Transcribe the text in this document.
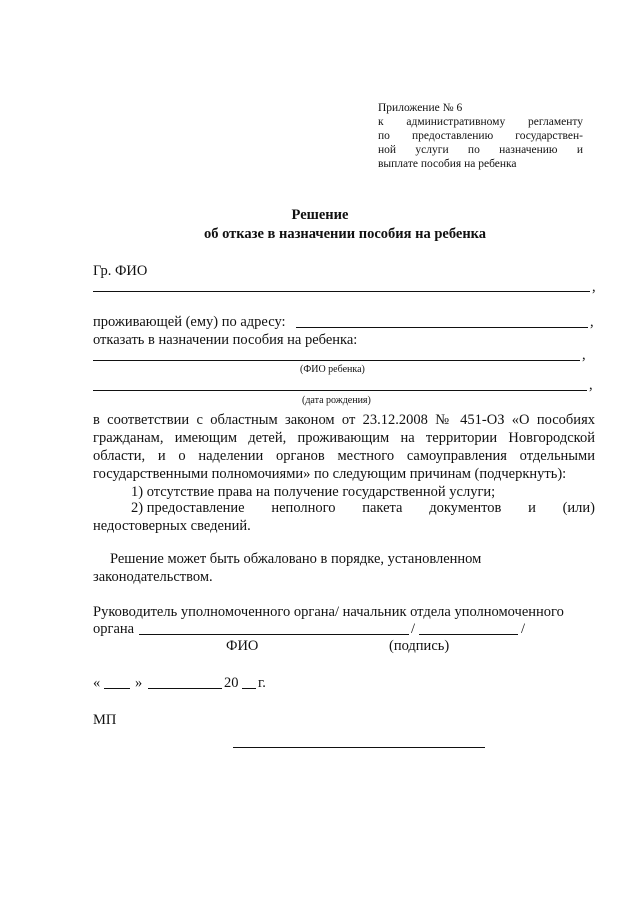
Приложение № 6
к административному регламенту
по предоставлению государствен-
ной услуги по назначению и
выплате пособия на ребенка
Решение
об отказе в назначении пособия на ребенка
Гр. ФИО
,
проживающей (ему) по адресу:	,
отказать в назначении пособия на ребенка:
,
(ФИО ребенка)
,
(дата рождения)
в соответствии с областным законом от 23.12.2008 № 451-ОЗ «О пособиях
гражданам, имеющим детей, проживающим на территории Новгородской
области, и о наделении органов местного самоуправления отдельными
государственными полномочиями» по следующим причинам (подчеркнуть):
1) отсутствие права на получение государственной услуги;
2) предоставление неполного пакета документов и (или)
недостоверных сведений.
Решение может быть обжаловано в порядке, установленном
законодательством.
Руководитель уполномоченного органа/ начальник отдела уполномоченного
органа	/	/
ФИО	(подпись)
« »	20 г.
МП
